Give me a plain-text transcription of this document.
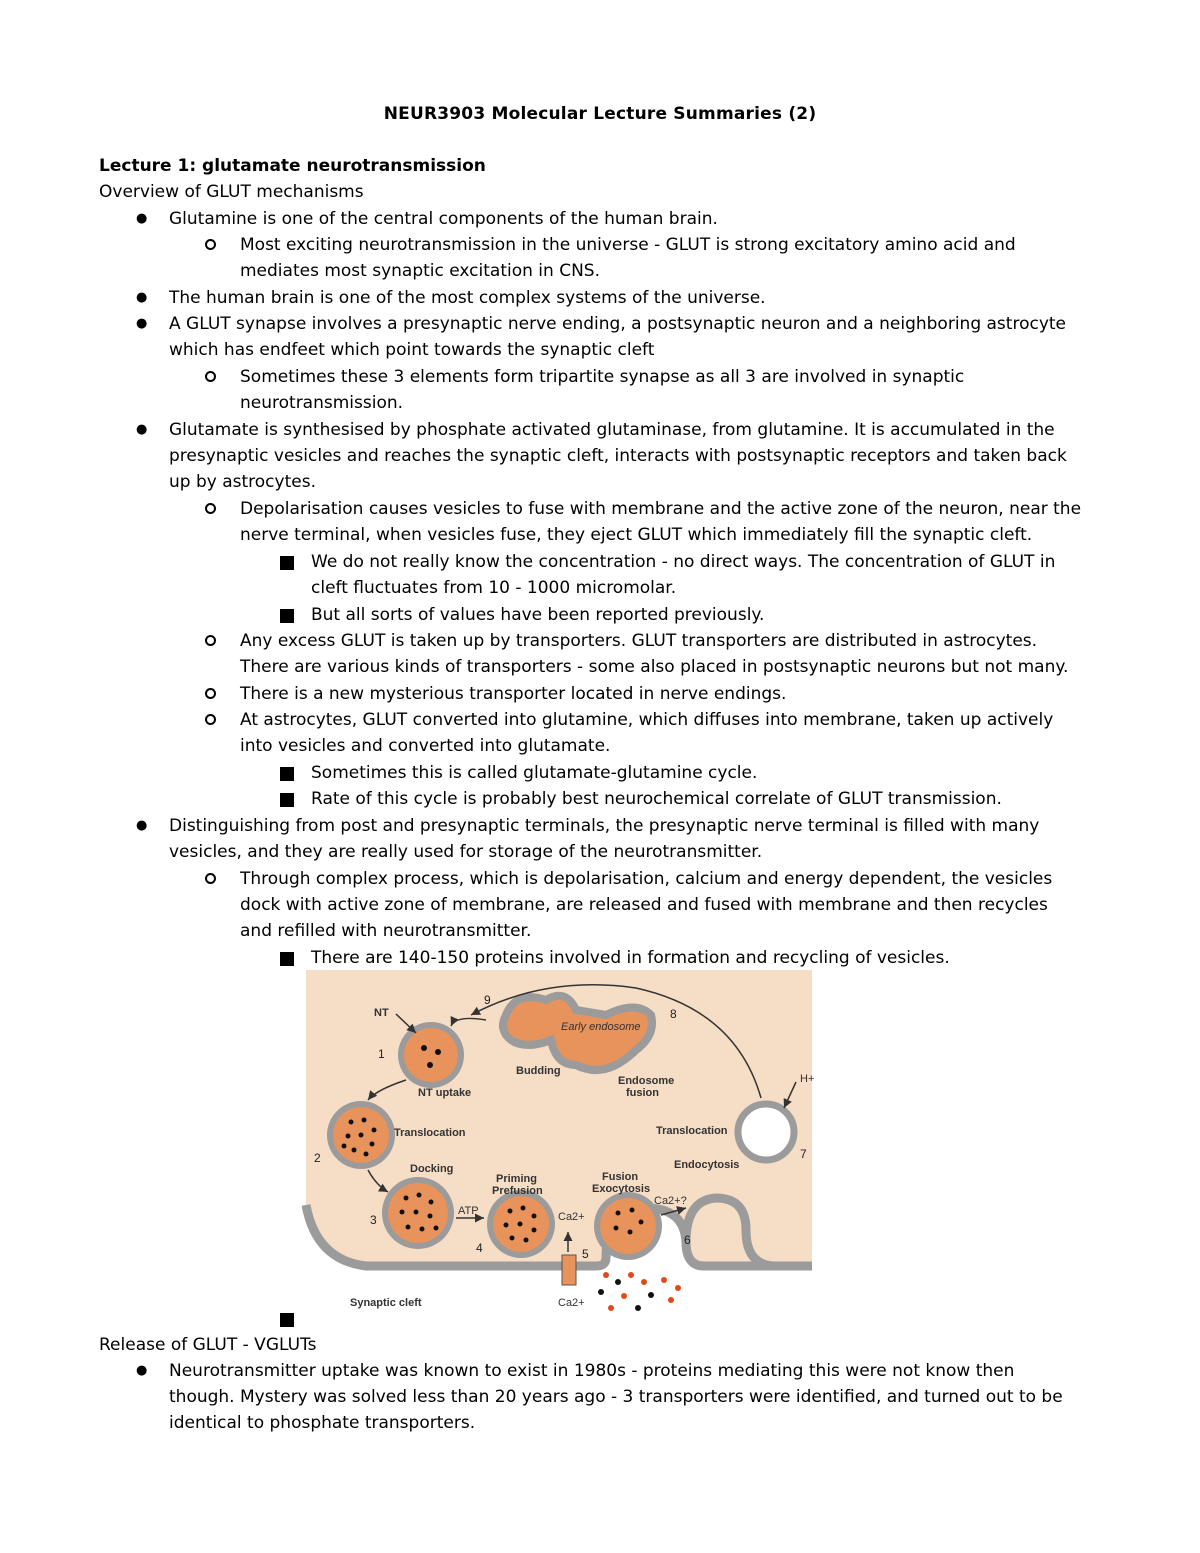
NEUR3903 Molecular Lecture Summaries (2)
Lecture 1: glutamate neurotransmission
Overview of GLUT mechanisms
● Glutamine is one of the central components of the human brain.
Most exciting neurotransmission in the universe - GLUT is strong excitatory amino acid and
mediates most synaptic excitation in CNS.
● The human brain is one of the most complex systems of the universe.
● A GLUT synapse involves a presynaptic nerve ending, a postsynaptic neuron and a neighboring astrocyte
which has endfeet which point towards the synaptic cleft
Sometimes these 3 elements form tripartite synapse as all 3 are involved in synaptic
neurotransmission.
● Glutamate is synthesised by phosphate activated glutaminase, from glutamine. It is accumulated in the
presynaptic vesicles and reaches the synaptic cleft, interacts with postsynaptic receptors and taken back
up by astrocytes.
Depolarisation causes vesicles to fuse with membrane and the active zone of the neuron, near the
nerve terminal, when vesicles fuse, they eject GLUT which immediately fill the synaptic cleft.
We do not really know the concentration - no direct ways. The concentration of GLUT in
cleft fluctuates from 10 - 1000 micromolar.
But all sorts of values have been reported previously.
Any excess GLUT is taken up by transporters. GLUT transporters are distributed in astrocytes.
There are various kinds of transporters - some also placed in postsynaptic neurons but not many.
There is a new mysterious transporter located in nerve endings.
At astrocytes, GLUT converted into glutamine, which diffuses into membrane, taken up actively
into vesicles and converted into glutamate.
Sometimes this is called glutamate-glutamine cycle.
Rate of this cycle is probably best neurochemical correlate of GLUT transmission.
● Distinguishing from post and presynaptic terminals, the presynaptic nerve terminal is filled with many
vesicles, and they are really used for storage of the neurotransmitter.
Through complex process, which is depolarisation, calcium and energy dependent, the vesicles
dock with active zone of membrane, are released and fused with membrane and then recycles
and refilled with neurotransmitter.
There are 140-150 proteins involved in formation and recycling of vesicles.
NT
Early endosome
Budding
NT uptake
Endosome
fusion
H+
Translocation	Translocation
Docking
Priming
Prefusion
Fusion
Exocytosis
Endocytosis
ATP	Ca2+
Ca2+?
Ca2+
Synaptic cleft
1
2
3
4	5
6
7
8
9
Release of GLUT - VGLUTs
● Neurotransmitter uptake was known to exist in 1980s - proteins mediating this were not know then
though. Mystery was solved less than 20 years ago - 3 transporters were identified, and turned out to be
identical to phosphate transporters.
